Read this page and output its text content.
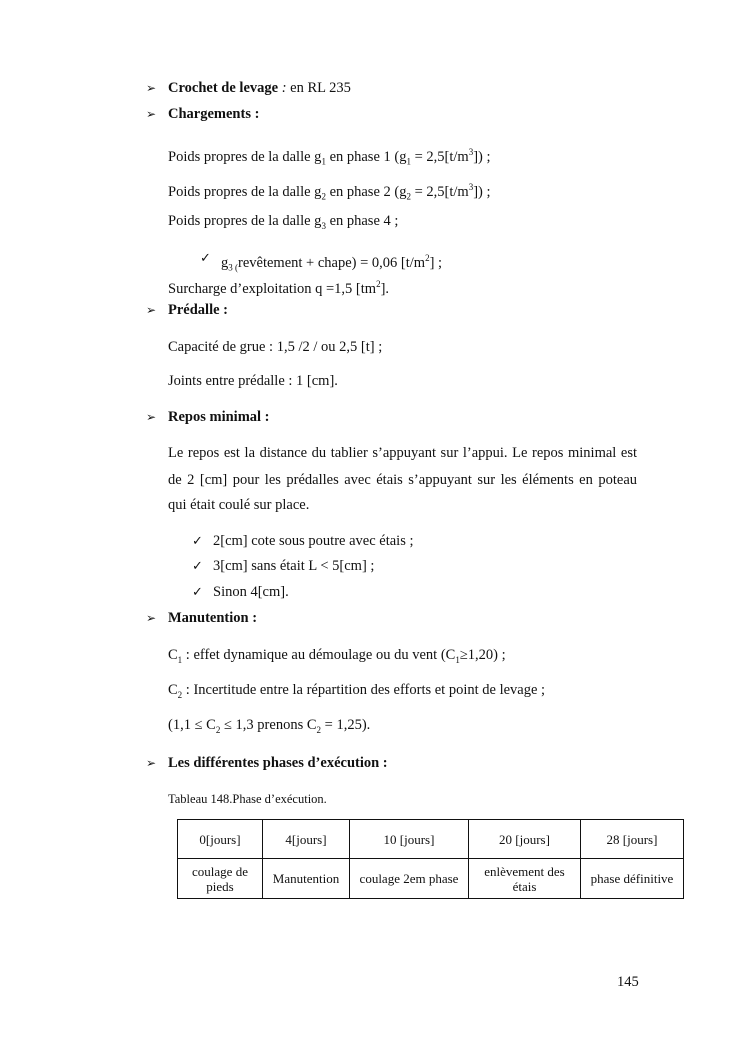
➢ Crochet de levage : en RL 235
➢ Chargements :
Poids propres de la dalle $g_1$ en phase 1 $(g_1 = 2,5[t/m^3])$ ;
Poids propres de la dalle $g_2$ en phase 2 $(g_2 = 2,5[t/m^3])$ ;
Poids propres de la dalle $g_3$ en phase 4 ;
✓ $g_{3 (}revêtement$ + chape) = 0,06 $[t/m^2]$ ;
Surcharge d’exploitation q =1,5 $[tm^2]$.
➢ Prédalle :
Capacité de grue : 1,5 /2 / ou 2,5 [t] ;
Joints entre prédalle : 1 [cm].
➢ Repos minimal :
Le repos est la distance du tablier s’appuyant sur l’appui. Le repos minimal est
de 2 [cm] pour les prédalles avec étais s’appuyant sur les éléments en poteau
qui était coulé sur place.
✓ 2[cm] cote sous poutre avec étais ;
✓ 3[cm] sans était L < 5[cm] ;
✓ Sinon 4[cm].
➢ Manutention :
$C_1$ : effet dynamique au démoulage ou du vent $(C_1\ge 1,20)$ ;
$C_2$ : Incertitude entre la répartition des efforts et point de levage ;
($1,1 \le C_2 \le 1,3$ prenons $C_2 = 1,25$).
➢ Les différentes phases d’exécution :
Tableau 148.Phase d’exécution.
0[jours]	4[jours]	10 [jours]	20 [jours]	28 [jours]
coulage de pieds	Manutention	coulage 2em phase	enlèvement des étais	phase définitive
145
